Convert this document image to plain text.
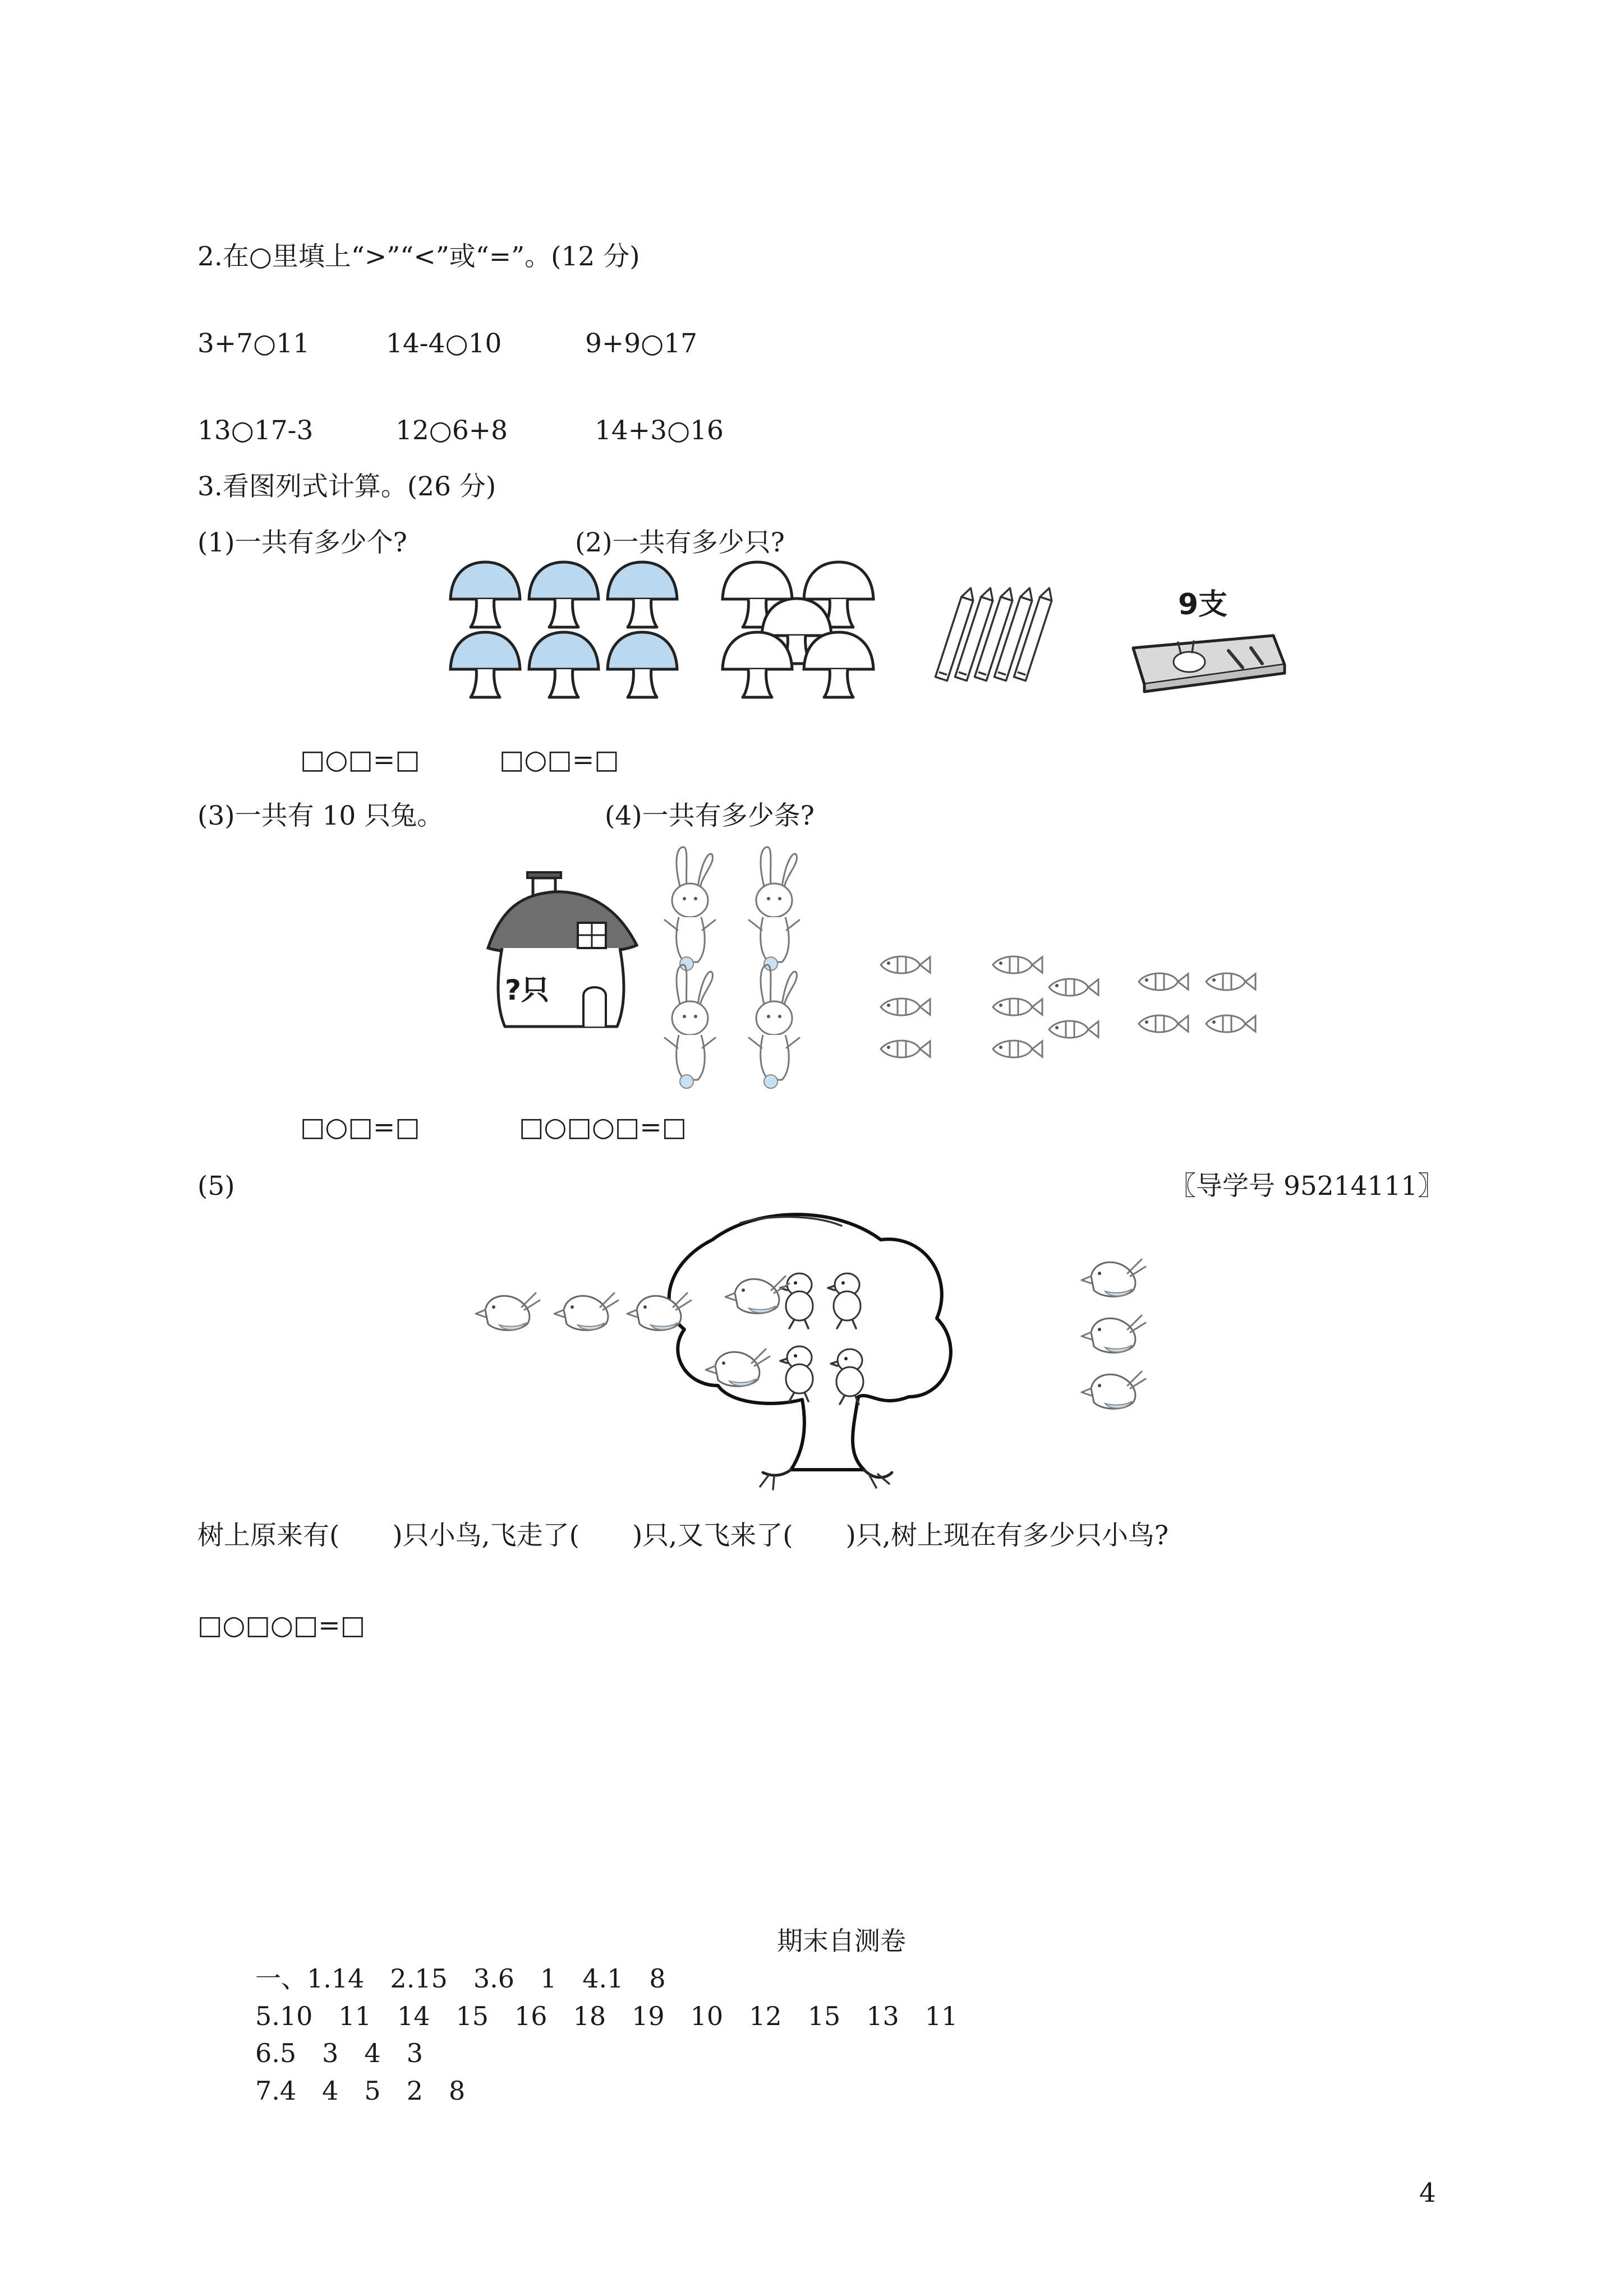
2.在○里填上“>”“<”或“=”。(12 分)
3+7○11	14-4○10	9+9○17
13○17-3	12○6+8	14+3○16
3.看图列式计算。(26 分)
(1)一共有多少个?	(2)一共有多少只?
9支
□○□=□	□○□=□
(3)一共有 10 只兔。	(4)一共有多少条?
?只
□○□=□	□○□○□=□
(5)	〖导学号 95214111〗
树上原来有(　　)只小鸟,飞走了(　　)只,又飞来了(　　)只,树上现在有多少只小鸟?
□○□○□=□
期末自测卷
一、1.14　2.15　3.6　1　4.1　8
5.10　11　14　15　16　18　19　10　12　15　13　11
6.5　3　4　3
7.4　4　5　2　8
4
